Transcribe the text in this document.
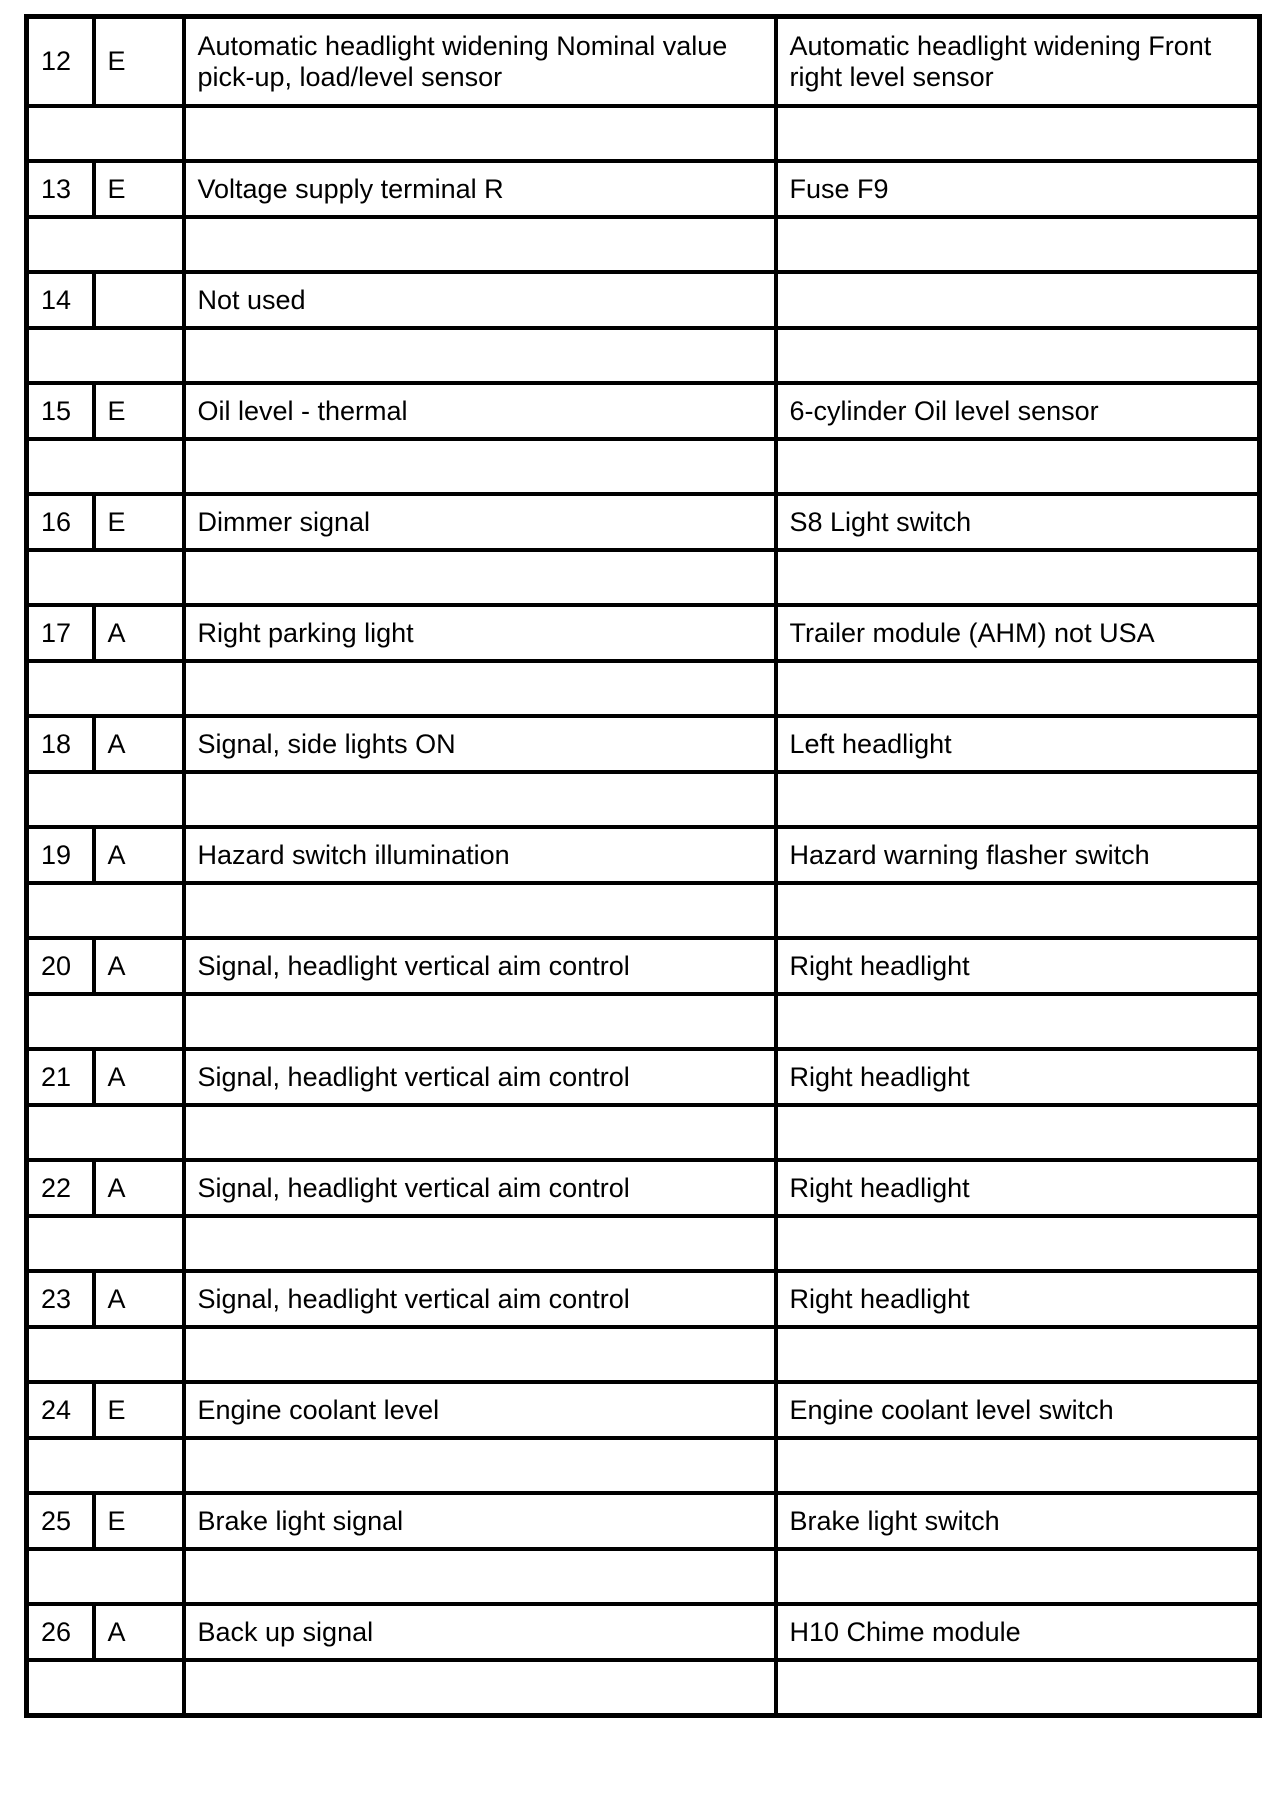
12	E	Automatic headlight widening Nominal value pick-up, load/level sensor	Automatic headlight widening Front right level sensor

13	E	Voltage supply terminal R	Fuse F9

14		Not used	

15	E	Oil level - thermal	6-cylinder Oil level sensor

16	E	Dimmer signal	S8 Light switch

17	A	Right parking light	Trailer module (AHM) not USA

18	A	Signal, side lights ON	Left headlight

19	A	Hazard switch illumination	Hazard warning flasher switch

20	A	Signal, headlight vertical aim control	Right headlight

21	A	Signal, headlight vertical aim control	Right headlight

22	A	Signal, headlight vertical aim control	Right headlight

23	A	Signal, headlight vertical aim control	Right headlight

24	E	Engine coolant level	Engine coolant level switch

25	E	Brake light signal	Brake light switch

26	A	Back up signal	H10 Chime module
